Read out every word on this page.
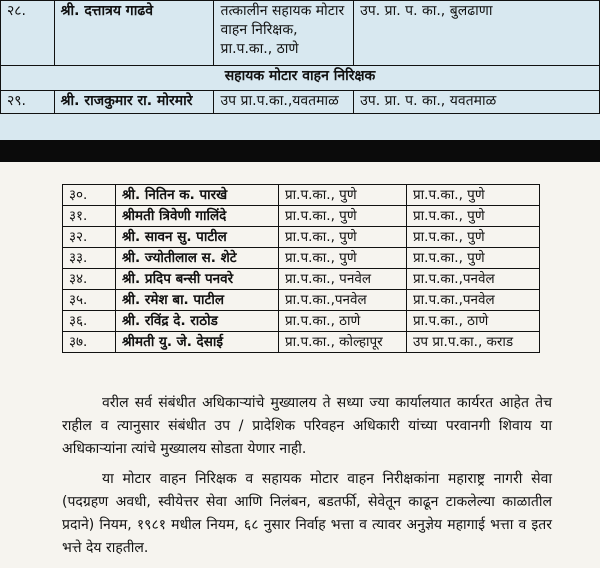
२८.	श्री. दत्तात्रय गाढवे	तत्कालीन सहायक मोटार वाहन निरिक्षक, प्रा.प.का., ठाणे	उप. प्रा. प. का., बुलढाणा
सहायक मोटार वाहन निरिक्षक			
२९.	श्री. राजकुमार रा. मोरमारे	उप प्रा.प.का.,यवतमाळ	उप. प्रा. प. का., यवतमाळ
३०.	श्री. नितिन क. पारखे	प्रा.प.का., पुणे	प्रा.प.का., पुणे
३१.	श्रीमती त्रिवेणी गालिंदे	प्रा.प.का., पुणे	प्रा.प.का., पुणे
३२.	श्री. सावन सु. पाटील	प्रा.प.का., पुणे	प्रा.प.का., पुणे
३३.	श्री. ज्योतीलाल स. शेटे	प्रा.प.का., पुणे	प्रा.प.का., पुणे
३४.	श्री. प्रदिप बन्सी पनवरे	प्रा.प.का., पनवेल	प्रा.प.का.,पनवेल
३५.	श्री. रमेश बा. पाटील	प्रा.प.का.,पनवेल	प्रा.प.का.,पनवेल
३६.	श्री. रविंद्र दे. राठोड	प्रा.प.का., ठाणे	प्रा.प.का., ठाणे
३७.	श्रीमती यु. जे. देसाई	प्रा.प.का., कोल्हापूर	उप प्रा.प.का., कराड
वरील सर्व संबंधीत अधिकाऱ्यांचे मुख्यालय ते सध्या ज्या कार्यालयात कार्यरत आहेत तेच राहील व त्यानुसार संबंधीत उप / प्रादेशिक परिवहन अधिकारी यांच्या परवानगी शिवाय या अधिकाऱ्यांना त्यांचे मुख्यालय सोडता येणार नाही.
या मोटार वाहन निरिक्षक व सहायक मोटार वाहन निरीक्षकांना महाराष्ट्र नागरी सेवा (पदग्रहण अवधी, स्वीयेत्तर सेवा आणि निलंबन, बडतर्फी, सेवेतून काढून टाकलेल्या काळातील प्रदाने) नियम, १९८१ मधील नियम, ६८ नुसार निर्वाह भत्ता व त्यावर अनुज्ञेय महागाई भत्ता व इतर भत्ते देय राहतील.
